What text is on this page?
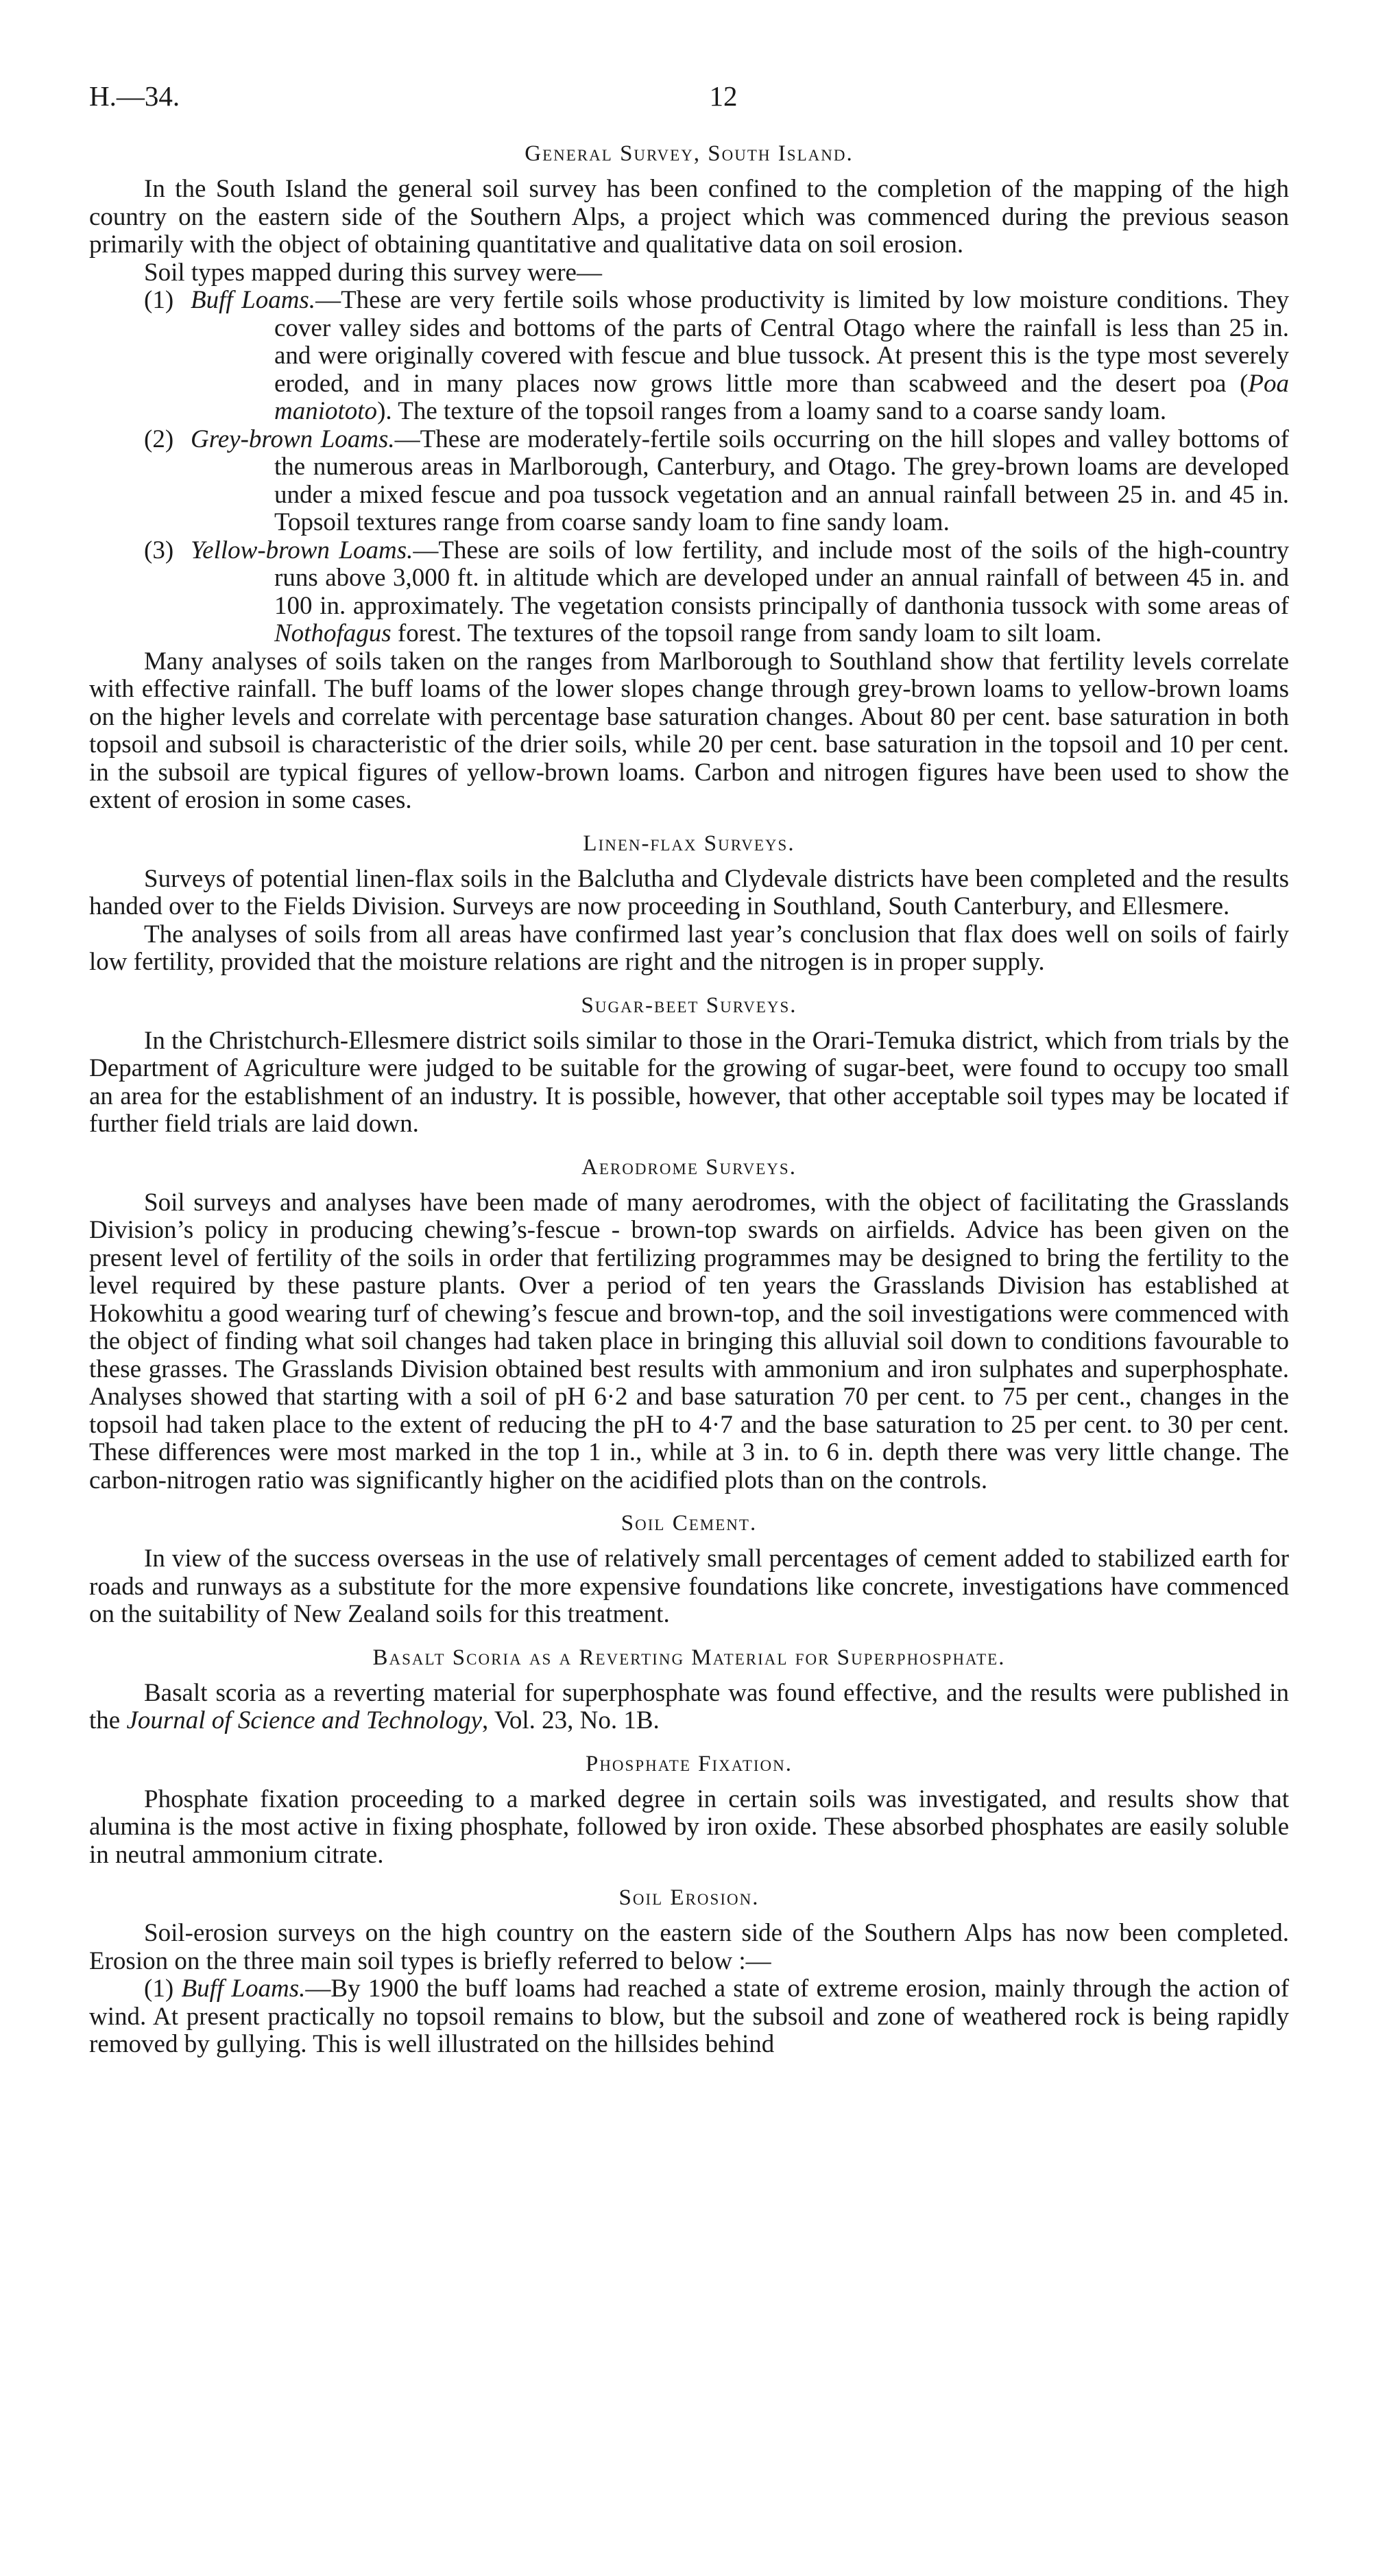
H.—34.	12
General Survey, South Island.

In the South Island the general soil survey has been confined to the completion of the mapping of the high country on the eastern side of the Southern Alps, a project which was commenced during the previous season primarily with the object of obtaining quantitative and qualitative data on soil erosion.

Soil types mapped during this survey were—

(1) Buff Loams.—These are very fertile soils whose productivity is limited by low moisture conditions. They cover valley sides and bottoms of the parts of Central Otago where the rainfall is less than 25 in. and were originally covered with fescue and blue tussock. At present this is the type most severely eroded, and in many places now grows little more than scabweed and the desert poa (Poa maniototo). The texture of the topsoil ranges from a loamy sand to a coarse sandy loam.
(2) Grey-brown Loams.—These are moderately-fertile soils occurring on the hill slopes and valley bottoms of the numerous areas in Marlborough, Canterbury, and Otago. The grey-brown loams are developed under a mixed fescue and poa tussock vegetation and an annual rainfall between 25 in. and 45 in. Topsoil textures range from coarse sandy loam to fine sandy loam.
(3) Yellow-brown Loams.—These are soils of low fertility, and include most of the soils of the high-country runs above 3,000 ft. in altitude which are developed under an annual rainfall of between 45 in. and 100 in. approximately. The vegetation consists principally of danthonia tussock with some areas of Nothofagus forest. The textures of the topsoil range from sandy loam to silt loam.

Many analyses of soils taken on the ranges from Marlborough to Southland show that fertility levels correlate with effective rainfall. The buff loams of the lower slopes change through grey-brown loams to yellow-brown loams on the higher levels and correlate with percentage base saturation changes. About 80 per cent. base saturation in both topsoil and subsoil is characteristic of the drier soils, while 20 per cent. base saturation in the topsoil and 10 per cent. in the subsoil are typical figures of yellow-brown loams. Carbon and nitrogen figures have been used to show the extent of erosion in some cases.

Linen-flax Surveys.

Surveys of potential linen-flax soils in the Balclutha and Clydevale districts have been completed and the results handed over to the Fields Division. Surveys are now proceeding in Southland, South Canterbury, and Ellesmere.

The analyses of soils from all areas have confirmed last year’s conclusion that flax does well on soils of fairly low fertility, provided that the moisture relations are right and the nitrogen is in proper supply.

Sugar-beet Surveys.

In the Christchurch-Ellesmere district soils similar to those in the Orari-Temuka district, which from trials by the Department of Agriculture were judged to be suitable for the growing of sugar-beet, were found to occupy too small an area for the establishment of an industry. It is possible, however, that other acceptable soil types may be located if further field trials are laid down.

Aerodrome Surveys.

Soil surveys and analyses have been made of many aerodromes, with the object of facilitating the Grasslands Division’s policy in producing chewing’s-fescue - brown-top swards on airfields. Advice has been given on the present level of fertility of the soils in order that fertilizing programmes may be designed to bring the fertility to the level required by these pasture plants. Over a period of ten years the Grasslands Division has established at Hokowhitu a good wearing turf of chewing’s fescue and brown-top, and the soil investigations were commenced with the object of finding what soil changes had taken place in bringing this alluvial soil down to conditions favourable to these grasses. The Grasslands Division obtained best results with ammonium and iron sulphates and superphosphate. Analyses showed that starting with a soil of pH 6·2 and base saturation 70 per cent. to 75 per cent., changes in the topsoil had taken place to the extent of reducing the pH to 4·7 and the base saturation to 25 per cent. to 30 per cent. These differences were most marked in the top 1 in., while at 3 in. to 6 in. depth there was very little change. The carbon-nitrogen ratio was significantly higher on the acidified plots than on the controls.

Soil Cement.

In view of the success overseas in the use of relatively small percentages of cement added to stabilized earth for roads and runways as a substitute for the more expensive foundations like concrete, investigations have commenced on the suitability of New Zealand soils for this treatment.

Basalt Scoria as a Reverting Material for Superphosphate.

Basalt scoria as a reverting material for superphosphate was found effective, and the results were published in the Journal of Science and Technology, Vol. 23, No. 1B.

Phosphate Fixation.

Phosphate fixation proceeding to a marked degree in certain soils was investigated, and results show that alumina is the most active in fixing phosphate, followed by iron oxide. These absorbed phosphates are easily soluble in neutral ammonium citrate.

Soil Erosion.

Soil-erosion surveys on the high country on the eastern side of the Southern Alps has now been completed. Erosion on the three main soil types is briefly referred to below :—

(1) Buff Loams.—By 1900 the buff loams had reached a state of extreme erosion, mainly through the action of wind. At present practically no topsoil remains to blow, but the subsoil and zone of weathered rock is being rapidly removed by gullying. This is well illustrated on the hillsides behind
